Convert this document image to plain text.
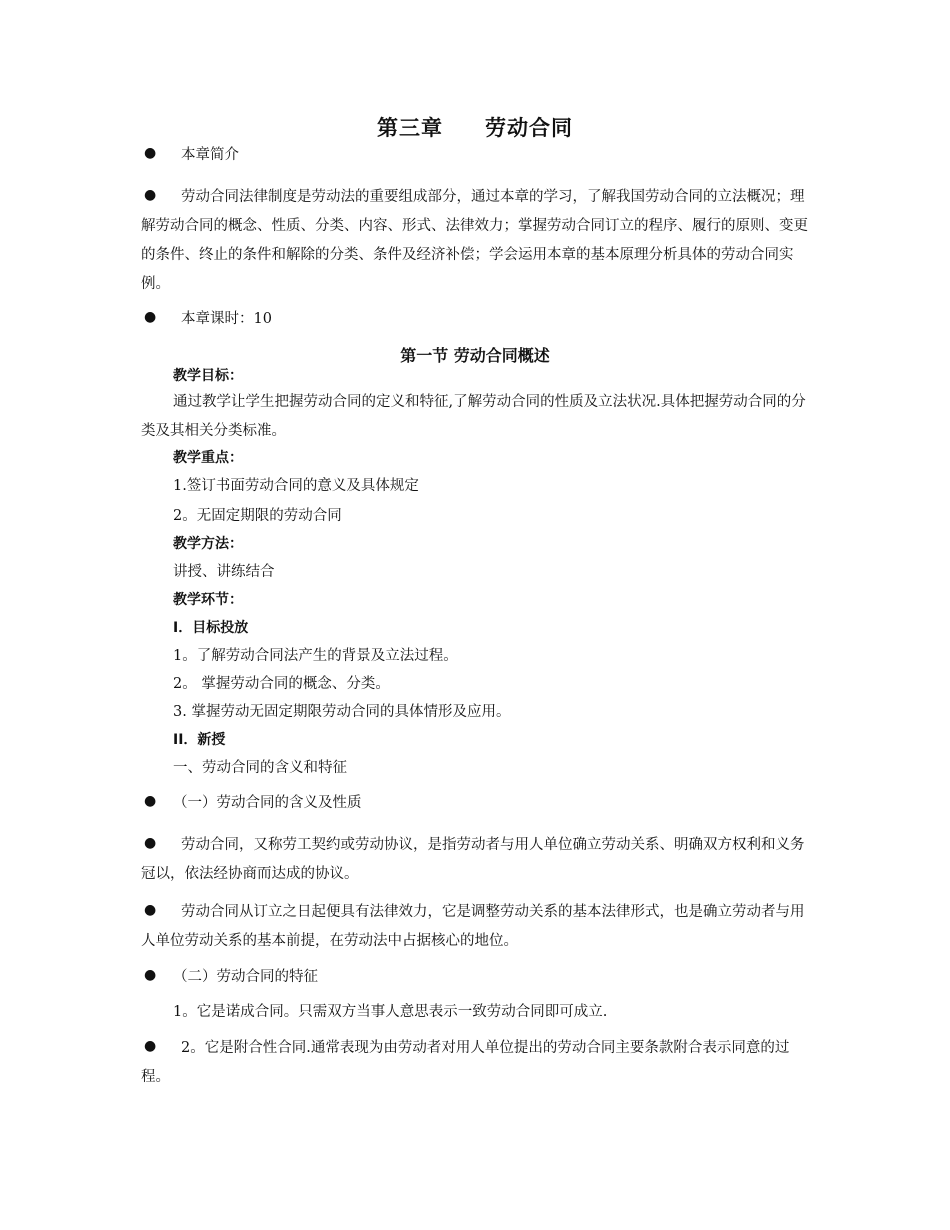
第三章 劳动合同
●	本章简介
●	劳动合同法律制度是劳动法的重要组成部分，通过本章的学习，了解我国劳动合同的立法概况；理解劳动合同的概念、性质、分类、内容、形式、法律效力；掌握劳动合同订立的程序、履行的原则、变更的条件、终止的条件和解除的分类、条件及经济补偿；学会运用本章的基本原理分析具体的劳动合同实例。
●	本章课时：10
第一节 劳动合同概述
教学目标：
通过教学让学生把握劳动合同的定义和特征,了解劳动合同的性质及立法状况.具体把握劳动合同的分类及其相关分类标准。
教学重点：
1.签订书面劳动合同的意义及具体规定
2。无固定期限的劳动合同
教学方法：
讲授、讲练结合
教学环节：
I．目标投放
1。了解劳动合同法产生的背景及立法过程。
2。 掌握劳动合同的概念、分类。
3. 掌握劳动无固定期限劳动合同的具体情形及应用。
II．新授
一、劳动合同的含义和特征
●	（一）劳动合同的含义及性质
●	劳动合同，又称劳工契约或劳动协议，是指劳动者与用人单位确立劳动关系、明确双方权利和义务冠以，依法经协商而达成的协议。
●	劳动合同从订立之日起便具有法律效力，它是调整劳动关系的基本法律形式，也是确立劳动者与用人单位劳动关系的基本前提，在劳动法中占据核心的地位。
●	（二）劳动合同的特征
1。它是诺成合同。只需双方当事人意思表示一致劳动合同即可成立.
●	2。它是附合性合同.通常表现为由劳动者对用人单位提出的劳动合同主要条款附合表示同意的过程。
